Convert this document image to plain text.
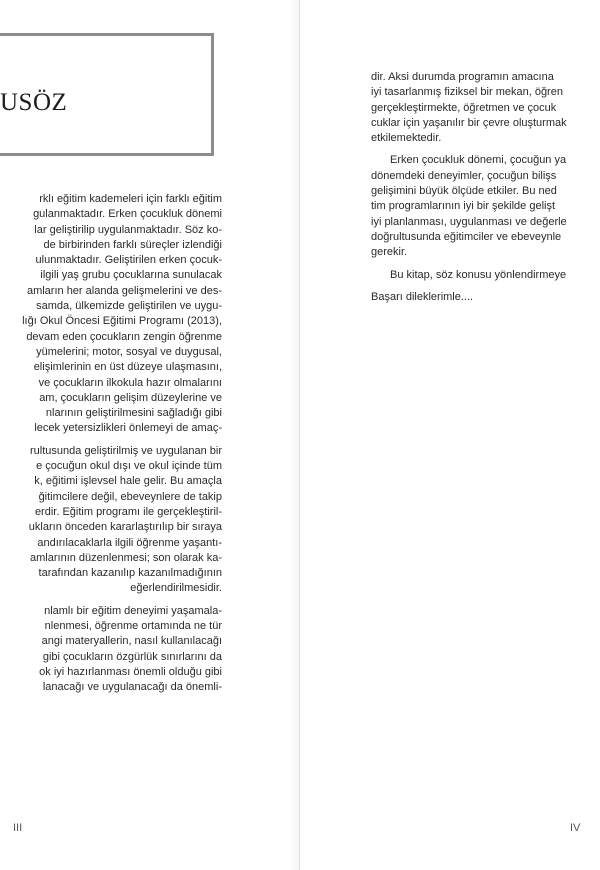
USÖZ
rklı eğitim kademeleri için farklı eğitim
gulanmaktadır. Erken çocukluk dönemi
lar geliştirilip uygulanmaktadır. Söz ko-
de birbirinden farklı süreçler izlendiği
ulunmaktadır. Geliştirilen erken çocuk-
ilgili yaş grubu çocuklarına sunulacak
amların her alanda gelişmelerini ve des-
samda, ülkemizde geliştirilen ve uygu-
lığı Okul Öncesi Eğitimi Programı (2013),
devam eden çocukların zengin öğrenme
yümelerini; motor, sosyal ve duygusal,
elişimlerinin en üst düzeye ulaşmasını,
ve çocukların ilkokula hazır olmalarını
am, çocukların gelişim düzeylerine ve
nlarının geliştirilmesini sağladığı gibi
lecek yetersizlikleri önlemeyi de amaç-
rultusunda geliştirilmiş ve uygulanan bir
e çocuğun okul dışı ve okul içinde tüm
k, eğitimi işlevsel hale gelir. Bu amaçla
ğitimcilere değil, ebeveynlere de takip
erdir. Eğitim programı ile gerçekleştiril-
ukların önceden kararlaştırılıp bir sıraya
andırılacaklarla ilgili öğrenme yaşantı-
amlarının düzenlenmesi; son olarak ka-
tarafından kazanılıp kazanılmadığının
eğerlendirilmesidir.
nlamlı bir eğitim deneyimi yaşamala-
nlenmesi, öğrenme ortamında ne tür
angi materyallerin, nasıl kullanılacağı
gibi çocukların özgürlük sınırlarını da
ok iyi hazırlanması önemli olduğu gibi
lanacağı ve uygulanacağı da önemli-
III
dir. Aksi durumda programın amacına
iyi tasarlanmış fiziksel bir mekan, öğren
gerçekleştirmekte, öğretmen ve çocuk
cuklar için yaşanılır bir çevre oluşturmak
etkilemektedir.
Erken çocukluk dönemi, çocuğun ya
dönemdeki deneyimler, çocuğun bilişs
gelişimini büyük ölçüde etkiler. Bu ned
tim programlarının iyi bir şekilde gelişt
iyi planlanması, uygulanması ve değerle
doğrultusunda eğitimciler ve ebeveynle
gerekir.
Bu kitap, söz konusu yönlendirmeye
Başarı dileklerimle....
IV
